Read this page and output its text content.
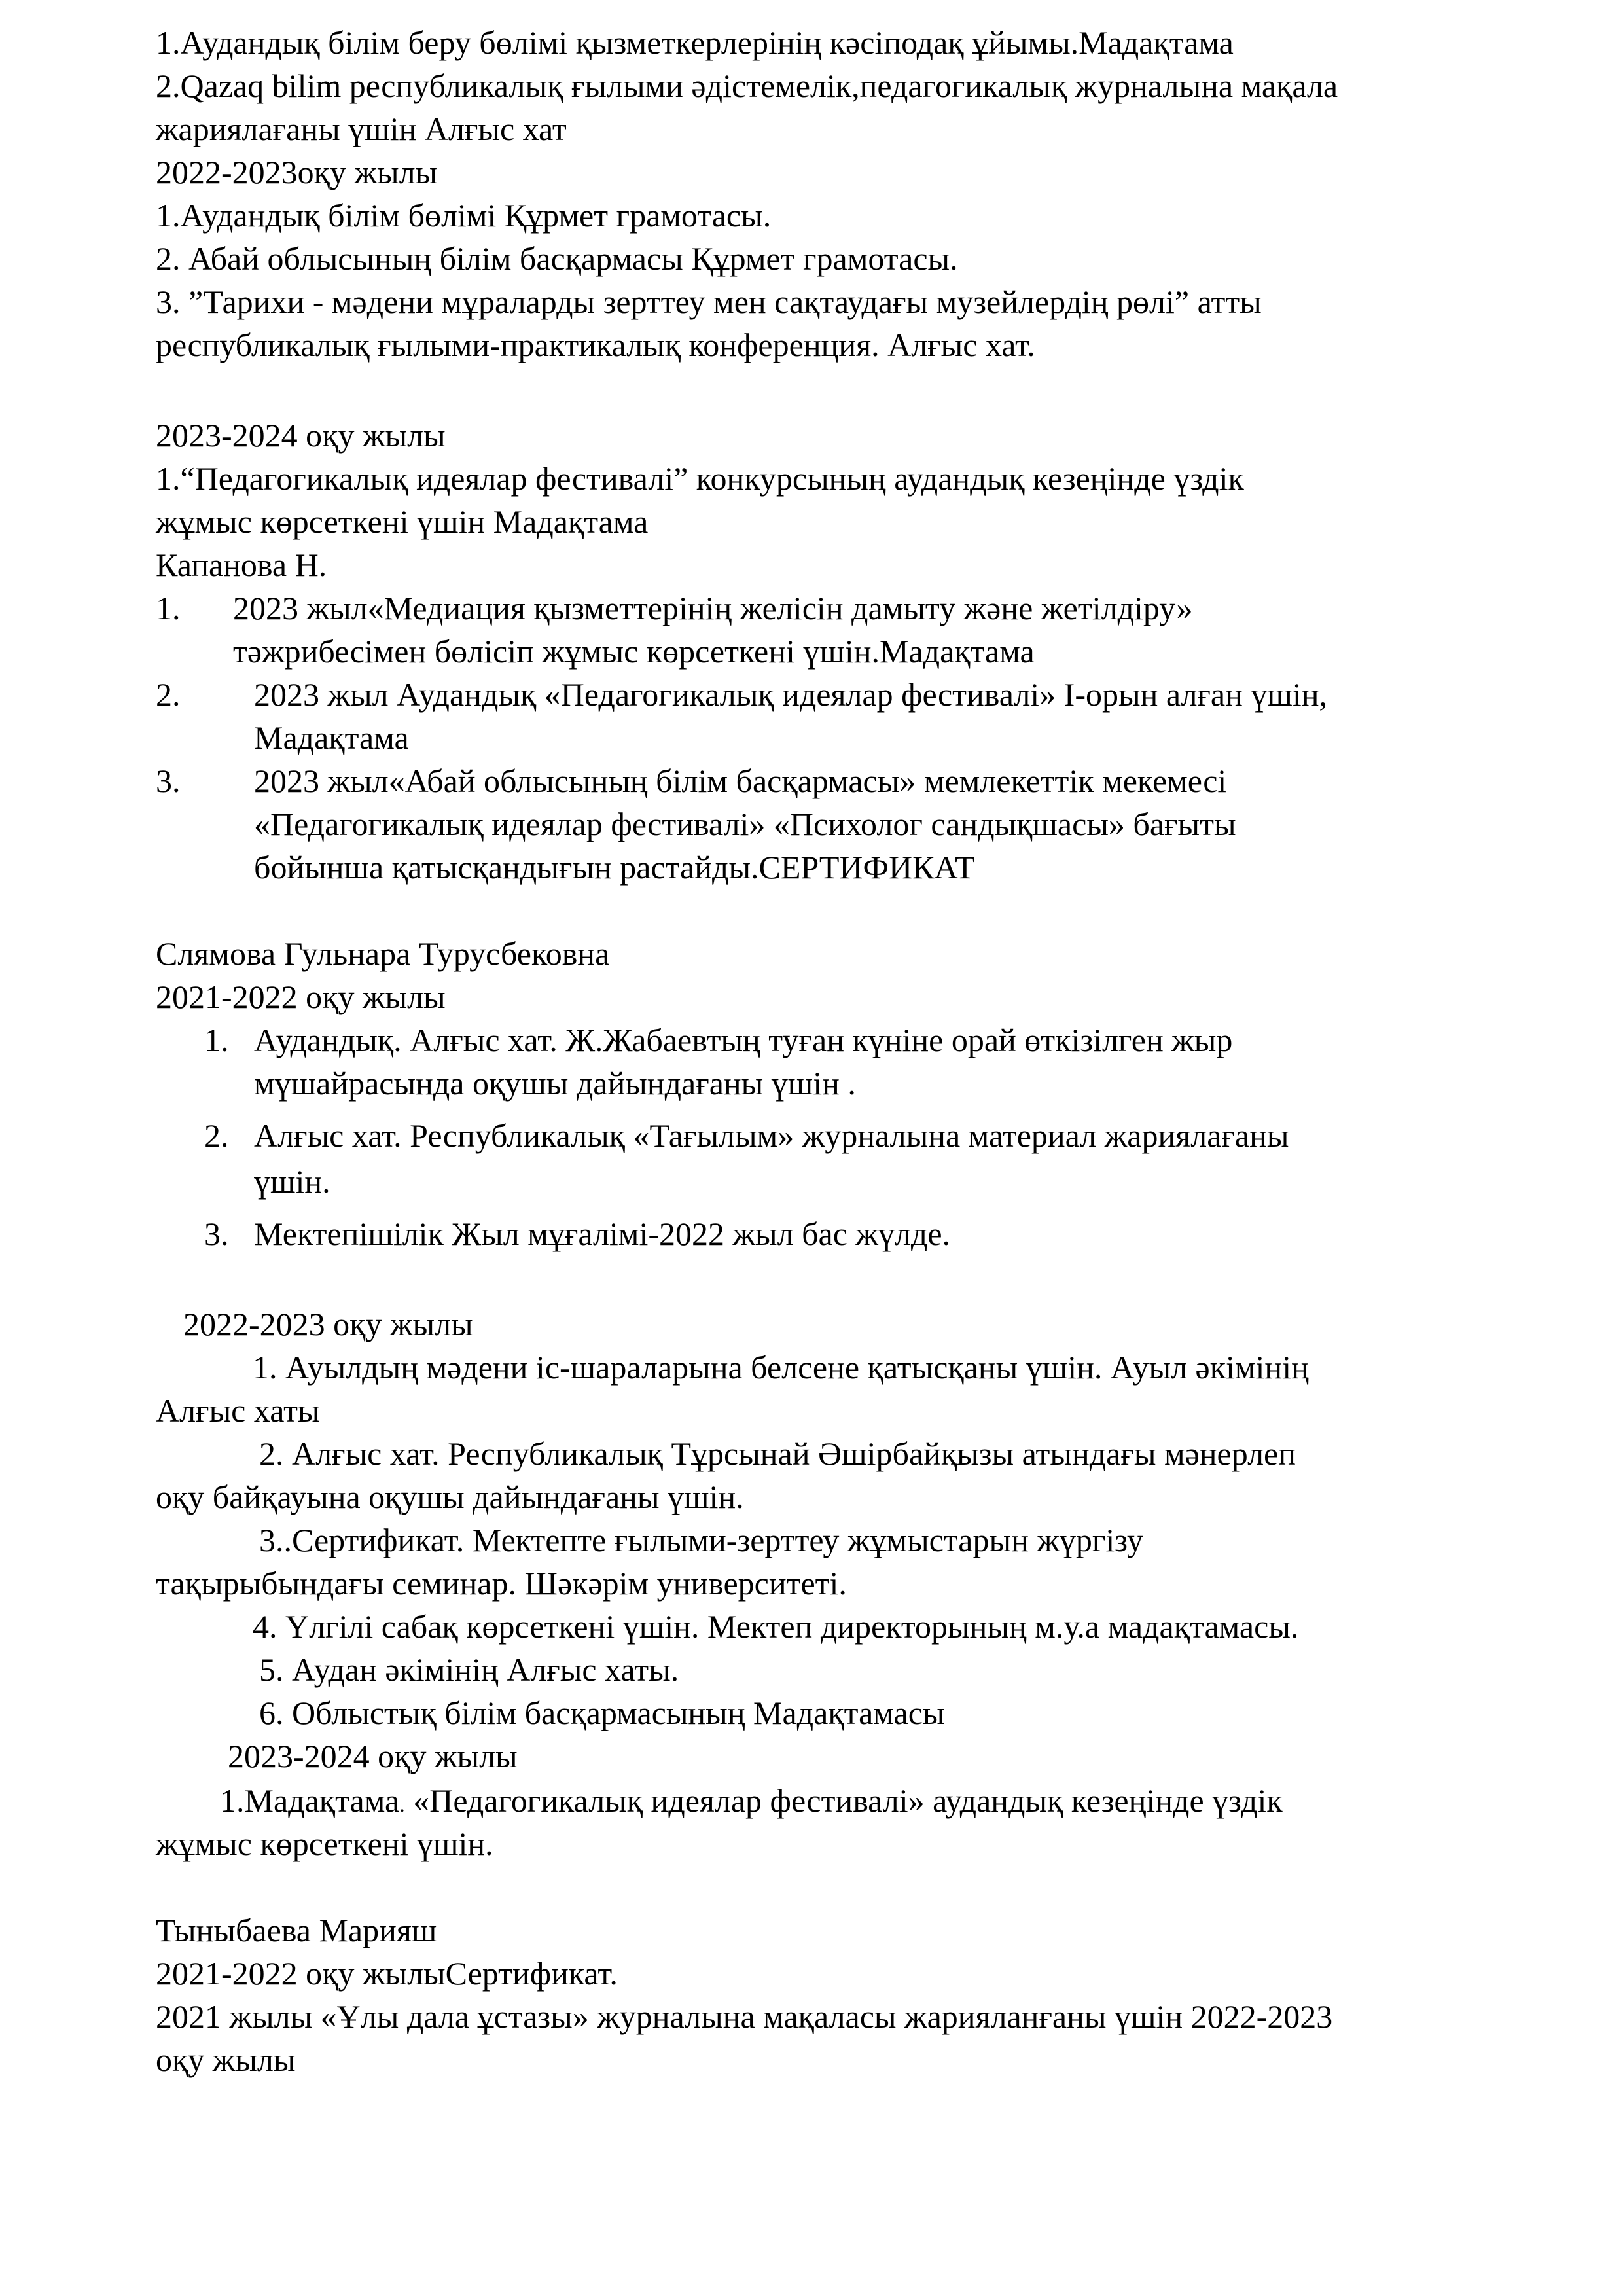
1.Аудандық білім беру бөлімі қызметкерлерінің кәсіподақ ұйымы.Мадақтама

2.Qazaq bilim республикалық ғылыми әдістемелік,педагогикалық журналына мақала

жариялағаны үшін Алғыс хат

2022-2023оқу жылы

1.Аудандық білім бөлімі Құрмет грамотасы.

2. Абай облысының білім басқармасы Құрмет грамотасы.

3. ”Тарихи - мәдени мұраларды зерттеу мен сақтаудағы музейлердің рөлі” атты

республикалық ғылыми-практикалық конференция. Алғыс хат.

2023-2024 оқу жылы

1.“Педагогикалық идеялар фестивалі” конкурсының аудандық кезеңінде үздік

жұмыс көрсеткені үшін Мадақтама

Капанова Н.

1. 2023 жыл«Медиация қызметтерінің желісін дамыту және жетілдіру»

тәжрибесімен бөлісіп жұмыс көрсеткені үшін.Мадақтама

2. 2023 жыл Аудандық «Педагогикалық идеялар фестивалі» І-орын алған үшін,

Мадақтама

3. 2023 жыл«Абай облысының білім басқармасы» мемлекеттік мекемесі

«Педагогикалық идеялар фестивалі» «Психолог сандықшасы» бағыты

бойынша қатысқандығын растайды.СЕРТИФИКАТ

Слямова Гульнара Турусбековна

2021-2022 оқу жылы

1. Аудандық. Алғыс хат. Ж.Жабаевтың туған күніне орай өткізілген жыр

мүшайрасында оқушы дайындағаны үшін .

2. Алғыс хат. Республикалық «Тағылым» журналына материал жариялағаны

үшін.

3. Мектепішілік Жыл мұғалімі-2022 жыл бас жүлде.

2022-2023 оқу жылы

1. Ауылдың мәдени іс-шараларына белсене қатысқаны үшін. Ауыл әкімінің

Алғыс хаты

2. Алғыс хат. Республикалық Тұрсынай Әшірбайқызы атындағы мәнерлеп

оқу байқауына оқушы дайындағаны үшін.

3..Сертификат. Мектепте ғылыми-зерттеу жұмыстарын жүргізу

тақырыбындағы семинар. Шәкәрім университеті.

4. Үлгілі сабақ көрсеткені үшін. Мектеп директорының м.у.а мадақтамасы.

5. Аудан әкімінің Алғыс хаты.

6. Облыстық білім басқармасының Мадақтамасы

2023-2024 оқу жылы

1.Мадақтама. «Педагогикалық идеялар фестивалі» аудандық кезеңінде үздік

жұмыс көрсеткені үшін.

Тыныбаева Марияш

2021-2022 оқу жылыСертификат.

2021 жылы «Ұлы дала ұстазы» журналына мақаласы жарияланғаны үшін 2022-2023

оқу жылы
